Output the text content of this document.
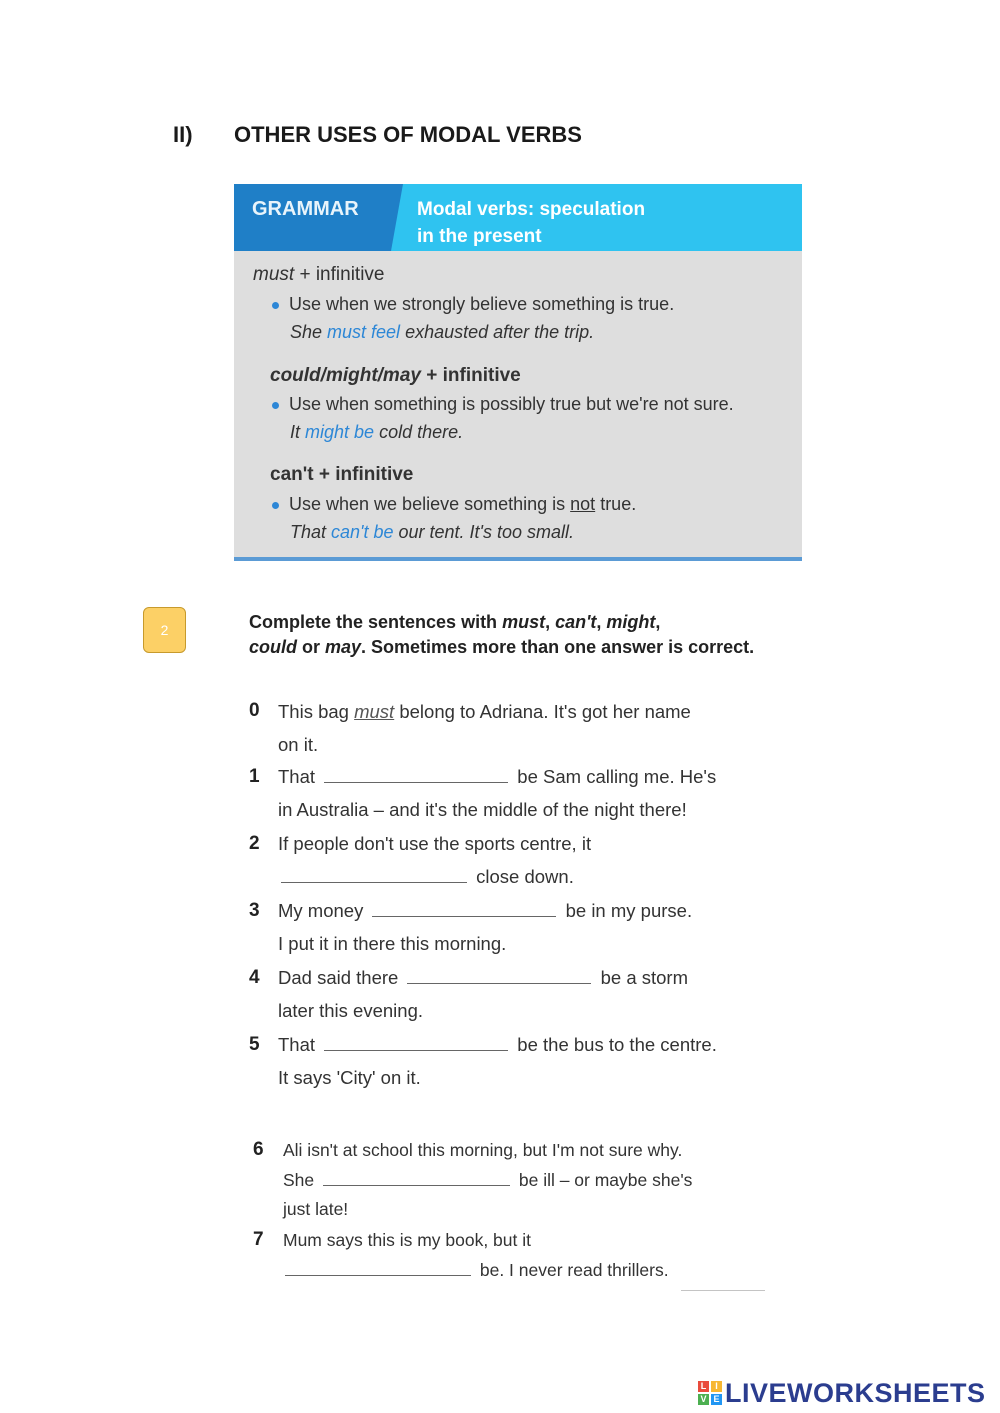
II) OTHER USES OF MODAL VERBS
GRAMMAR	Modal verbs: speculation
in the present
must + infinitive
Use when we strongly believe something is true.
She must feel exhausted after the trip.
could/might/may + infinitive
Use when something is possibly true but we're not sure.
It might be cold there.
can't + infinitive
Use when we believe something is not true.
That can't be our tent. It's too small.
2	Complete the sentences with must, can't, might,
could or may. Sometimes more than one answer is correct.
0 This bag must belong to Adriana. It's got her name
on it.
1 That	be Sam calling me. He's
in Australia – and it's the middle of the night there!
2 If people don't use the sports centre, it
close down.
3 My money	be in my purse.
I put it in there this morning.
4 Dad said there	be a storm
later this evening.
5 That	be the bus to the centre.
It says 'City' on it.
6 Ali isn't at school this morning, but I'm not sure why.
She	be ill – or maybe she's
just late!
7 Mum says this is my book, but it
be. I never read thrillers.
L I
V E LIVEWORKSHEETS
